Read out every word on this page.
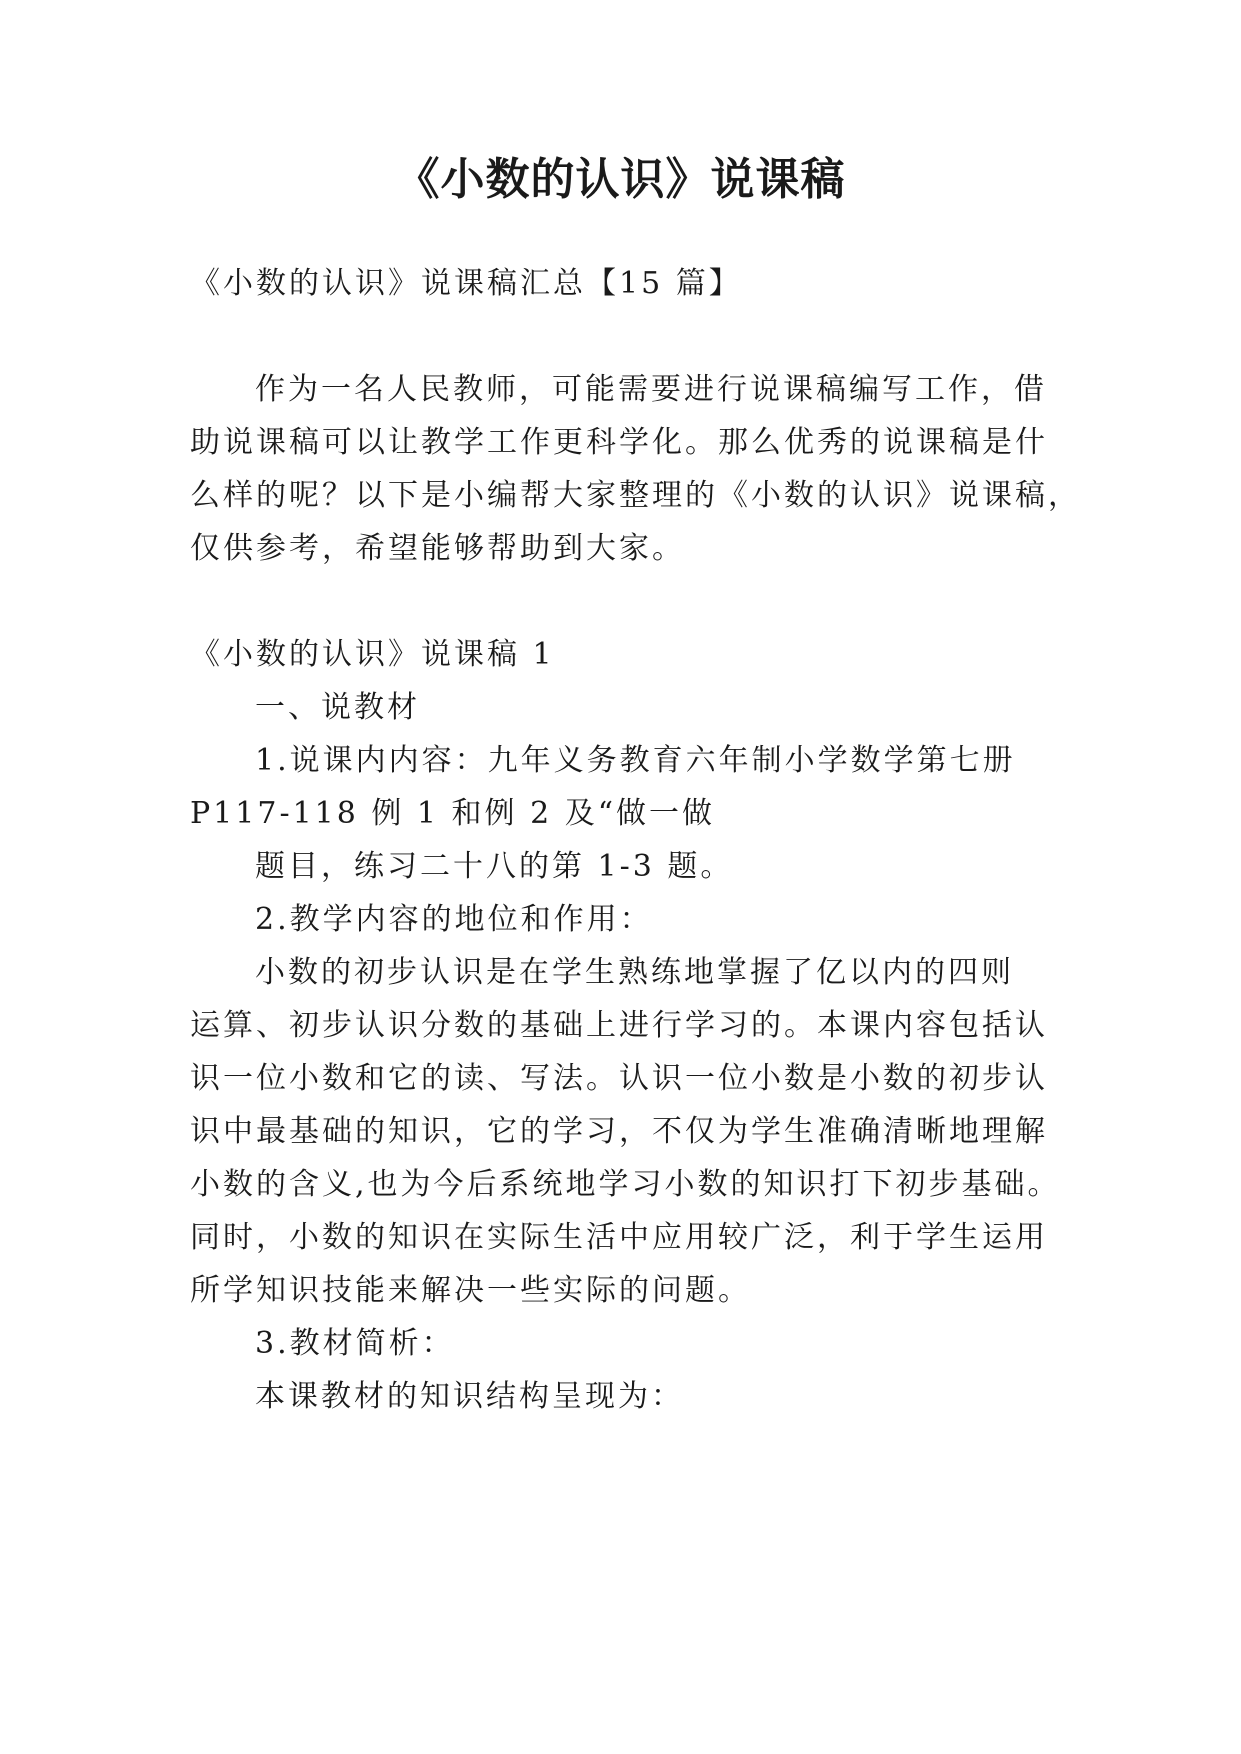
《小数的认识》说课稿
《小数的认识》说课稿汇总【15 篇】
作为一名人民教师，可能需要进行说课稿编写工作，借
助说课稿可以让教学工作更科学化。那么优秀的说课稿是什
么样的呢？以下是小编帮大家整理的《小数的认识》说课稿，
仅供参考，希望能够帮助到大家。
《小数的认识》说课稿 1
一、说教材
1.说课内内容：九年义务教育六年制小学数学第七册
P117-118 例 1 和例 2 及“做一做
题目，练习二十八的第 1-3 题。
2.教学内容的地位和作用：
小数的初步认识是在学生熟练地掌握了亿以内的四则
运算、初步认识分数的基础上进行学习的。本课内容包括认
识一位小数和它的读、写法。认识一位小数是小数的初步认
识中最基础的知识，它的学习，不仅为学生准确清晰地理解
小数的含义,也为今后系统地学习小数的知识打下初步基础。
同时，小数的知识在实际生活中应用较广泛，利于学生运用
所学知识技能来解决一些实际的问题。
3.教材简析：
本课教材的知识结构呈现为：
